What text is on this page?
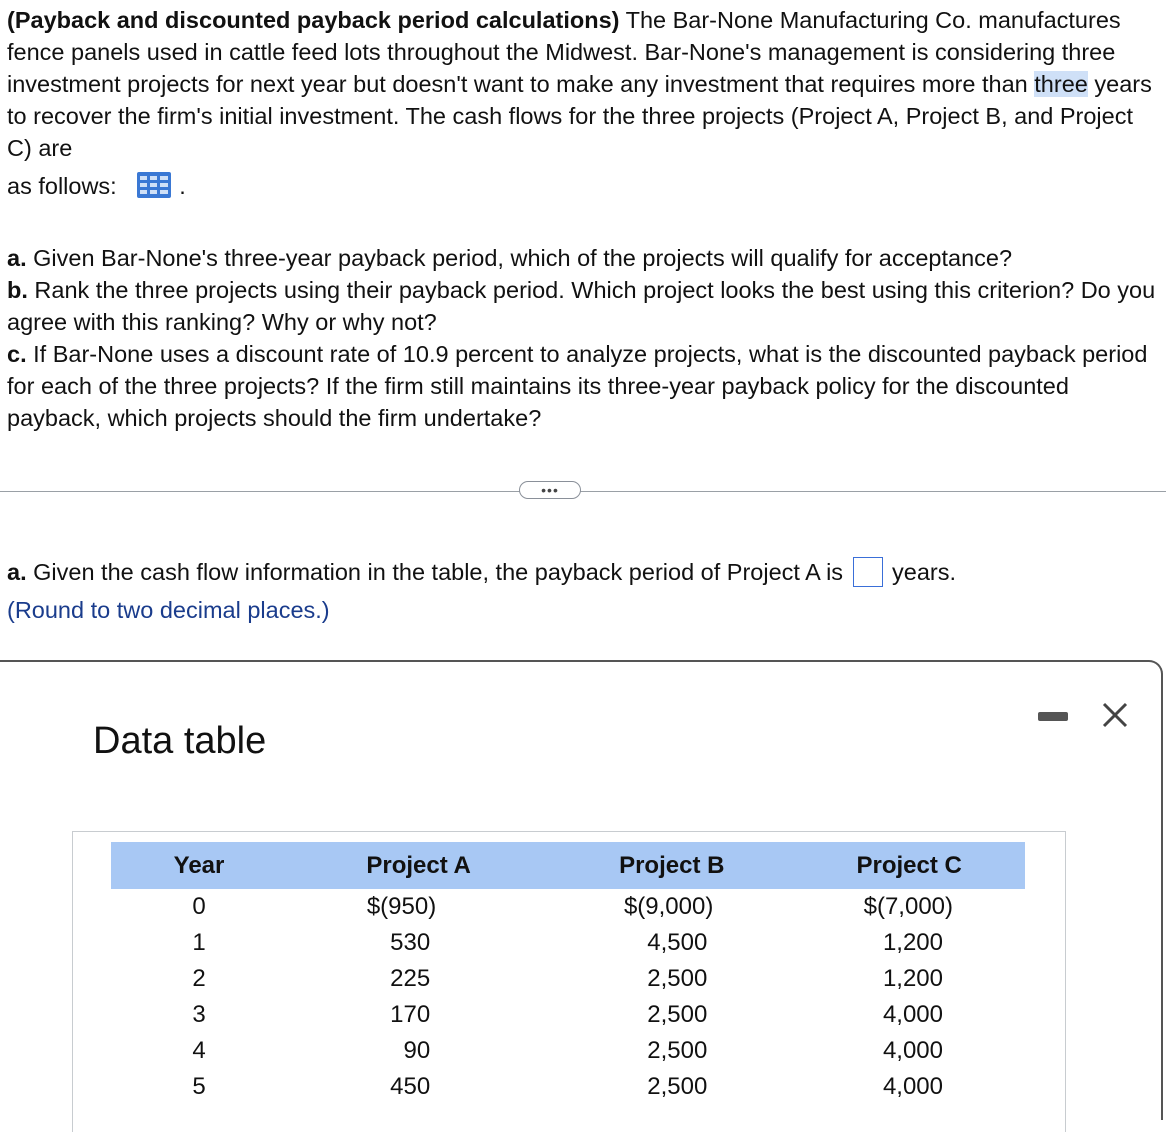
(Payback and discounted payback period calculations) The Bar-None Manufacturing Co. manufactures fence panels used in cattle feed lots throughout the Midwest. Bar-None's management is considering three investment projects for next year but doesn't want to make any investment that requires more than three years to recover the firm's initial investment. The cash flows for the three projects (Project A, Project B, and Project C) are

as follows: .

a. Given Bar-None's three-year payback period, which of the projects will qualify for acceptance?

b. Rank the three projects using their payback period. Which project looks the best using this criterion? Do you agree with this ranking? Why or why not?

c. If Bar-None uses a discount rate of 10.9 percent to analyze projects, what is the discounted payback period for each of the three projects? If the firm still maintains its three-year payback policy for the discounted payback, which projects should the firm undertake?

•••
a.
Given the cash flow information in the table, the payback period of Project A is years.
(Round to two decimal places.)
Data table
Year	Project A	Project B	Project C
0	$(950)	$(9,000)	$(7,000)
1	530	4,500	1,200
2	225	2,500	1,200
3	170	2,500	4,000
4	90	2,500	4,000
5	450	2,500	4,000
